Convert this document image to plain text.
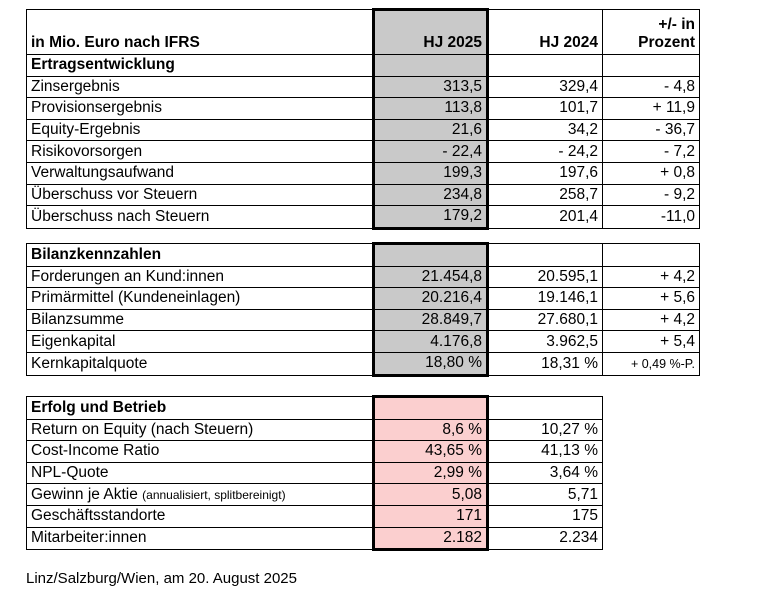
in Mio. Euro nach IFRS	HJ 2025	HJ 2024	+/- in
Prozent
Ertragsentwicklung			
Zinsergebnis	313,5	329,4	- 4,8
Provisionsergebnis	113,8	101,7	+ 11,9
Equity-Ergebnis	21,6	34,2	- 36,7
Risikovorsorgen	- 22,4	- 24,2	- 7,2
Verwaltungsaufwand	199,3	197,6	+ 0,8
Überschuss vor Steuern	234,8	258,7	- 9,2
Überschuss nach Steuern	179,2	201,4	-11,0
Bilanzkennzahlen			
Forderungen an Kund:innen	21.454,8	20.595,1	+ 4,2
Primärmittel (Kundeneinlagen)	20.216,4	19.146,1	+ 5,6
Bilanzsumme	28.849,7	27.680,1	+ 4,2
Eigenkapital	4.176,8	3.962,5	+ 5,4
Kernkapitalquote	18,80 %	18,31 %	+ 0,49 %-P.
Erfolg und Betrieb		
Return on Equity (nach Steuern)	8,6 %	10,27 %
Cost-Income Ratio	43,65 %	41,13 %
NPL-Quote	2,99 %	3,64 %
Gewinn je Aktie (annualisiert, splitbereinigt)	5,08	5,71
Geschäftsstandorte	171	175
Mitarbeiter:innen	2.182	2.234
Linz/Salzburg/Wien, am 20. August 2025
